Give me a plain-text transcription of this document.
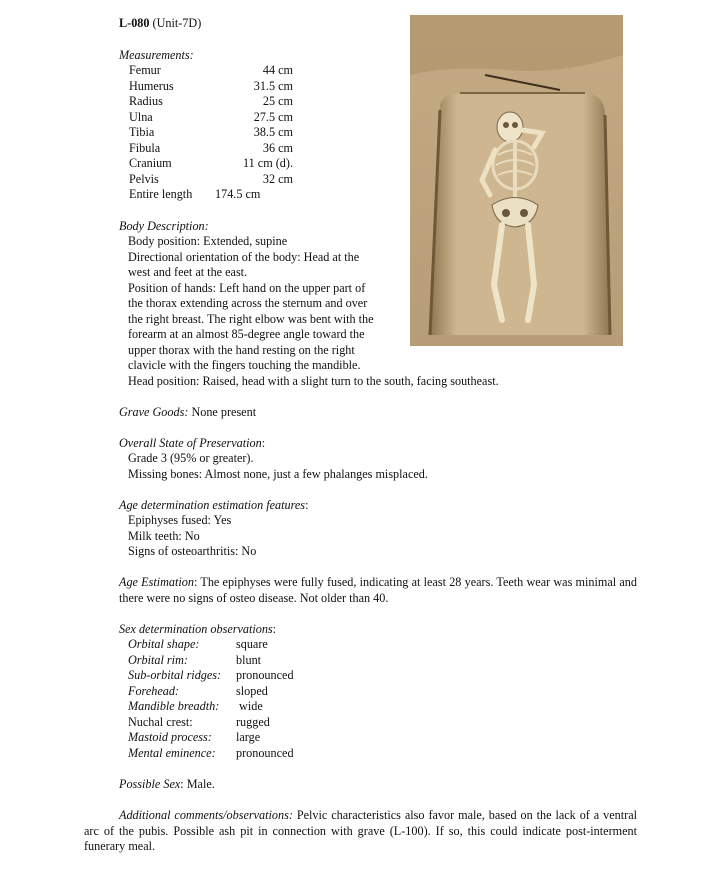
L-080 (Unit-7D)
Measurements:
Femur	44 cm
Humerus	31.5 cm
Radius	25 cm
Ulna	27.5 cm
Tibia	38.5 cm
Fibula	36 cm
Cranium	11 cm (d).
Pelvis	32 cm
Entire length	174.5 cm
Body Description:
Body position: Extended, supine
Directional orientation of the body: Head at the
west and feet at the east.
Position of hands: Left hand on the upper part of
the thorax extending across the sternum and over
the right breast. The right elbow was bent with the
forearm at an almost 85-degree angle toward the
upper thorax with the hand resting on the right
clavicle with the fingers touching the mandible.
Head position: Raised, head with a slight turn to the south, facing southeast.
Grave Goods: None present
Overall State of Preservation:
Grade 3 (95% or greater).
Missing bones: Almost none, just a few phalanges misplaced.
Age determination estimation features:
Epiphyses fused: Yes
Milk teeth: No
Signs of osteoarthritis: No
Age Estimation: The epiphyses were fully fused, indicating at least 28 years. Teeth wear was minimal and there were no signs of osteo disease. Not older than 40.
Sex determination observations:
Orbital shape:	square
Orbital rim:	blunt
Sub-orbital ridges:	pronounced
Forehead:	sloped
Mandible breadth:	wide
Nuchal crest:	rugged
Mastoid process:	large
Mental eminence:	pronounced
Possible Sex: Male.
Additional comments/observations: Pelvic characteristics also favor male, based on the lack of a ventral arc of the pubis. Possible ash pit in connection with grave (L-100). If so, this could indicate post-interment funerary meal.
